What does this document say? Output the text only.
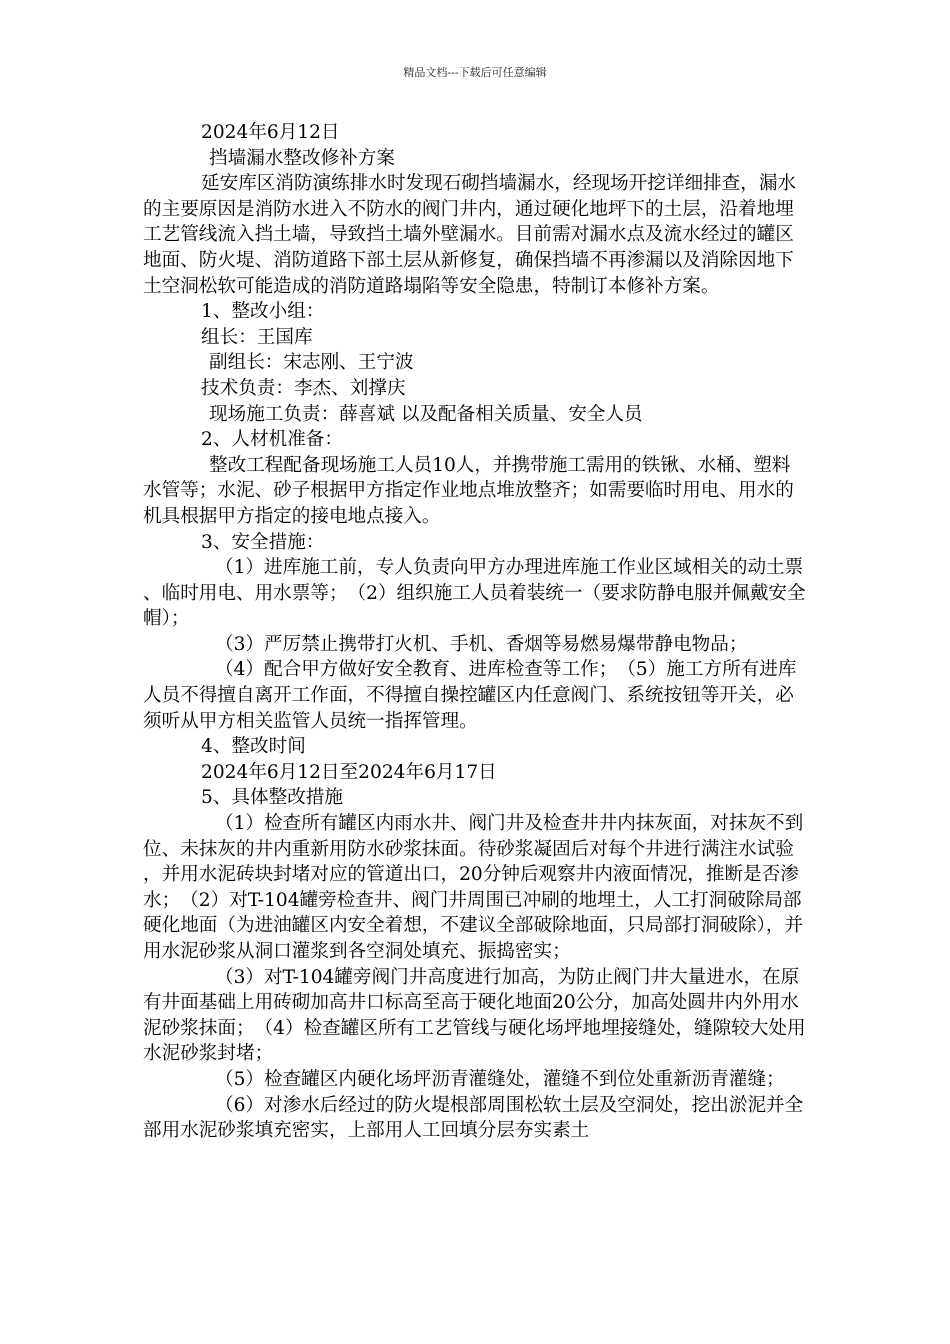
精品文档---下载后可任意编辑

2024年6月12日

挡墙漏水整改修补方案

延安库区消防演练排水时发现石砌挡墙漏水，经现场开挖详细排查，漏水的主要原因是消防水进入不防水的阀门井内，通过硬化地坪下的土层，沿着地埋工艺管线流入挡土墙，导致挡土墙外壁漏水。目前需对漏水点及流水经过的罐区地面、防火堤、消防道路下部土层从新修复，确保挡墙不再渗漏以及消除因地下土空洞松软可能造成的消防道路塌陷等安全隐患，特制订本修补方案。

1、整改小组：

组长：王国库

副组长：宋志刚、王宁波

技术负责：李杰、刘撑庆

现场施工负责：薛喜斌 以及配备相关质量、安全人员

2、人材机准备：

整改工程配备现场施工人员10人，并携带施工需用的铁锹、水桶、塑料水管等；水泥、砂子根据甲方指定作业地点堆放整齐；如需要临时用电、用水的机具根据甲方指定的接电地点接入。

3、安全措施：

（1）进库施工前，专人负责向甲方办理进库施工作业区域相关的动土票、临时用电、用水票等；　（2）组织施工人员着装统一（要求防静电服并佩戴安全帽）；

（3）严厉禁止携带打火机、手机、香烟等易燃易爆带静电物品；

（4）配合甲方做好安全教育、进库检查等工作；　（5）施工方所有进库人员不得擅自离开工作面，不得擅自操控罐区内任意阀门、系统按钮等开关，必须听从甲方相关监管人员统一指挥管理。

4、整改时间

2024年6月12日至2024年6月17日

5、具体整改措施

（1）检查所有罐区内雨水井、阀门井及检查井井内抹灰面，对抹灰不到位、未抹灰的井内重新用防水砂浆抹面。待砂浆凝固后对每个井进行满注水试验，并用水泥砖块封堵对应的管道出口，20分钟后观察井内液面情况，推断是否渗水；　（2）对T-104罐旁检查井、阀门井周围已冲刷的地埋土，人工打洞破除局部硬化地面（为进油罐区内安全着想，不建议全部破除地面，只局部打洞破除），并用水泥砂浆从洞口灌浆到各空洞处填充、振捣密实；

（3）对T-104罐旁阀门井高度进行加高，为防止阀门井大量进水，在原有井面基础上用砖砌加高井口标高至高于硬化地面20公分，加高处圆井内外用水泥砂浆抹面；　（4）检查罐区所有工艺管线与硬化场坪地埋接缝处，缝隙较大处用水泥砂浆封堵；

（5）检查罐区内硬化场坪沥青灌缝处，灌缝不到位处重新沥青灌缝；

（6）对渗水后经过的防火堤根部周围松软土层及空洞处，挖出淤泥并全部用水泥砂浆填充密实，上部用人工回填分层夯实素土
